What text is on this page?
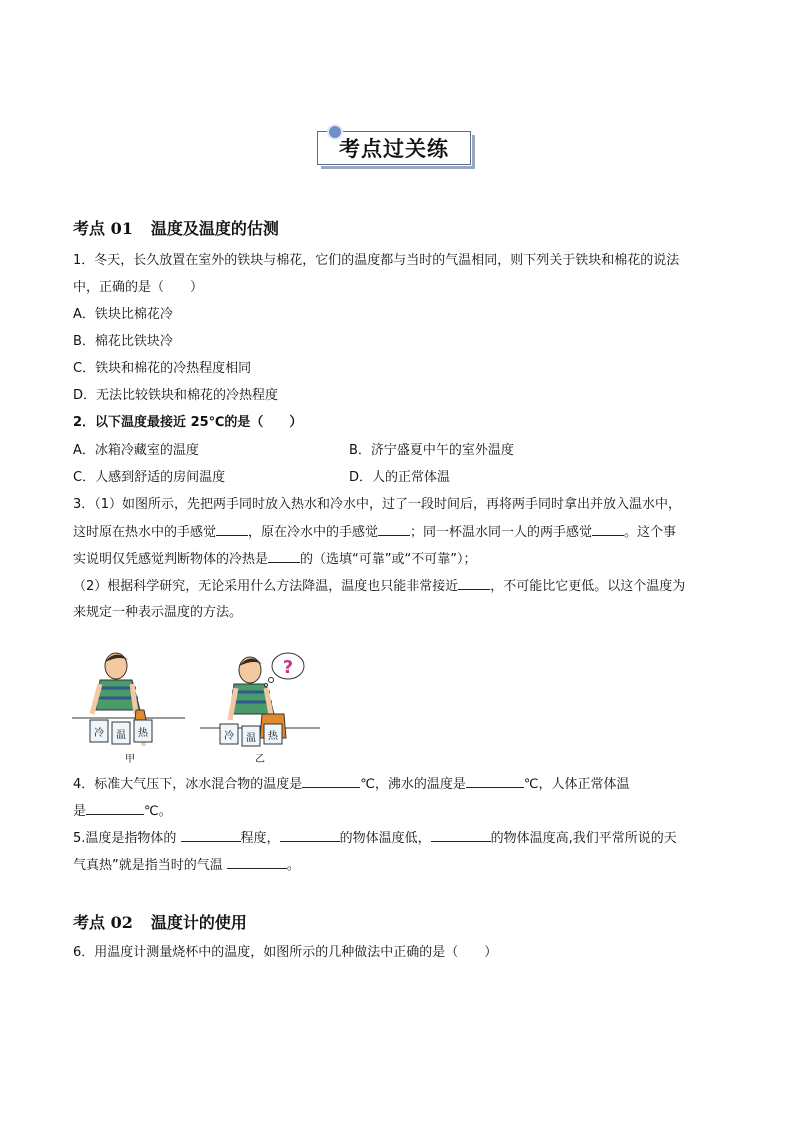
考点过关练
考点 01 温度及温度的估测
1．冬天，长久放置在室外的铁块与棉花，它们的温度都与当时的气温相同，则下列关于铁块和棉花的说法
中，正确的是（　　）
A．铁块比棉花冷
B．棉花比铁块冷
C．铁块和棉花的冷热程度相同
D．无法比较铁块和棉花的冷热程度
2．以下温度最接近 25℃的是（　　）
A．冰箱冷藏室的温度	B．济宁盛夏中午的室外温度
C．人感到舒适的房间温度	D．人的正常体温
3．（1）如图所示，先把两手同时放入热水和冷水中，过了一段时间后，再将两手同时拿出并放入温水中，
这时原在热水中的手感觉 ，原在冷水中的手感觉 ；同一杯温水同一人的两手感觉 。这个事
实说明仅凭感觉判断物体的冷热是 的（选填“可靠”或“不可靠”）；
（2）根据科学研究，无论采用什么方法降温，温度也只能非常接近 ，不可能比它更低。以这个温度为
来规定一种表示温度的方法。
冷 温 热
?
冷 温 热
甲	乙
4．标准大气压下，冰水混合物的温度是	℃，沸水的温度是	℃，人体正常体温
是	℃。
5.温度是指物体的	程度，	的物体温度低，	的物体温度高,我们平常所说的天
气真热”就是指当时的气温	。
考点 02 温度计的使用
6．用温度计测量烧杯中的温度，如图所示的几种做法中正确的是（　　）
